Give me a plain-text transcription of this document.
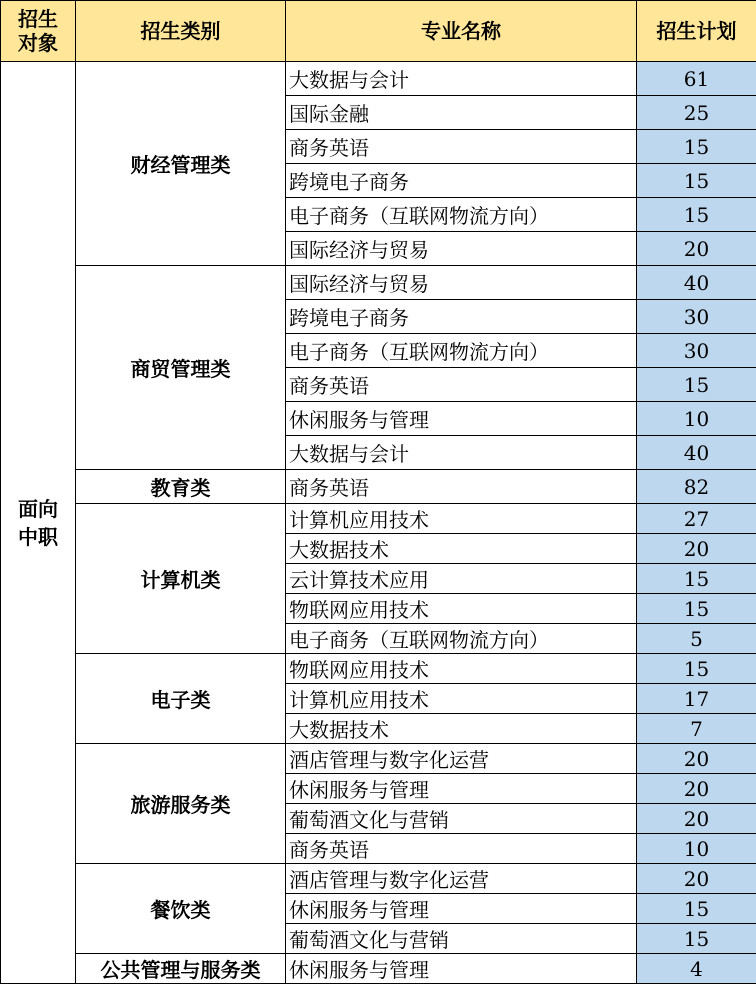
招生
对象	招生类别	专业名称	招生计划
面向
中职	财经管理类	大数据与会计	61
		国际金融	25
		商务英语	15
		跨境电子商务	15
		电子商务（互联网物流方向）	15
		国际经济与贸易	20
	商贸管理类	国际经济与贸易	40
		跨境电子商务	30
		电子商务（互联网物流方向）	30
		商务英语	15
		休闲服务与管理	10
		大数据与会计	40
	教育类	商务英语	82
	计算机类	计算机应用技术	27
		大数据技术	20
		云计算技术应用	15
		物联网应用技术	15
		电子商务（互联网物流方向）	5
	电子类	物联网应用技术	15
		计算机应用技术	17
		大数据技术	7
	旅游服务类	酒店管理与数字化运营	20
		休闲服务与管理	20
		葡萄酒文化与营销	20
		商务英语	10
	餐饮类	酒店管理与数字化运营	20
		休闲服务与管理	15
		葡萄酒文化与营销	15
	公共管理与服务类	休闲服务与管理	4
